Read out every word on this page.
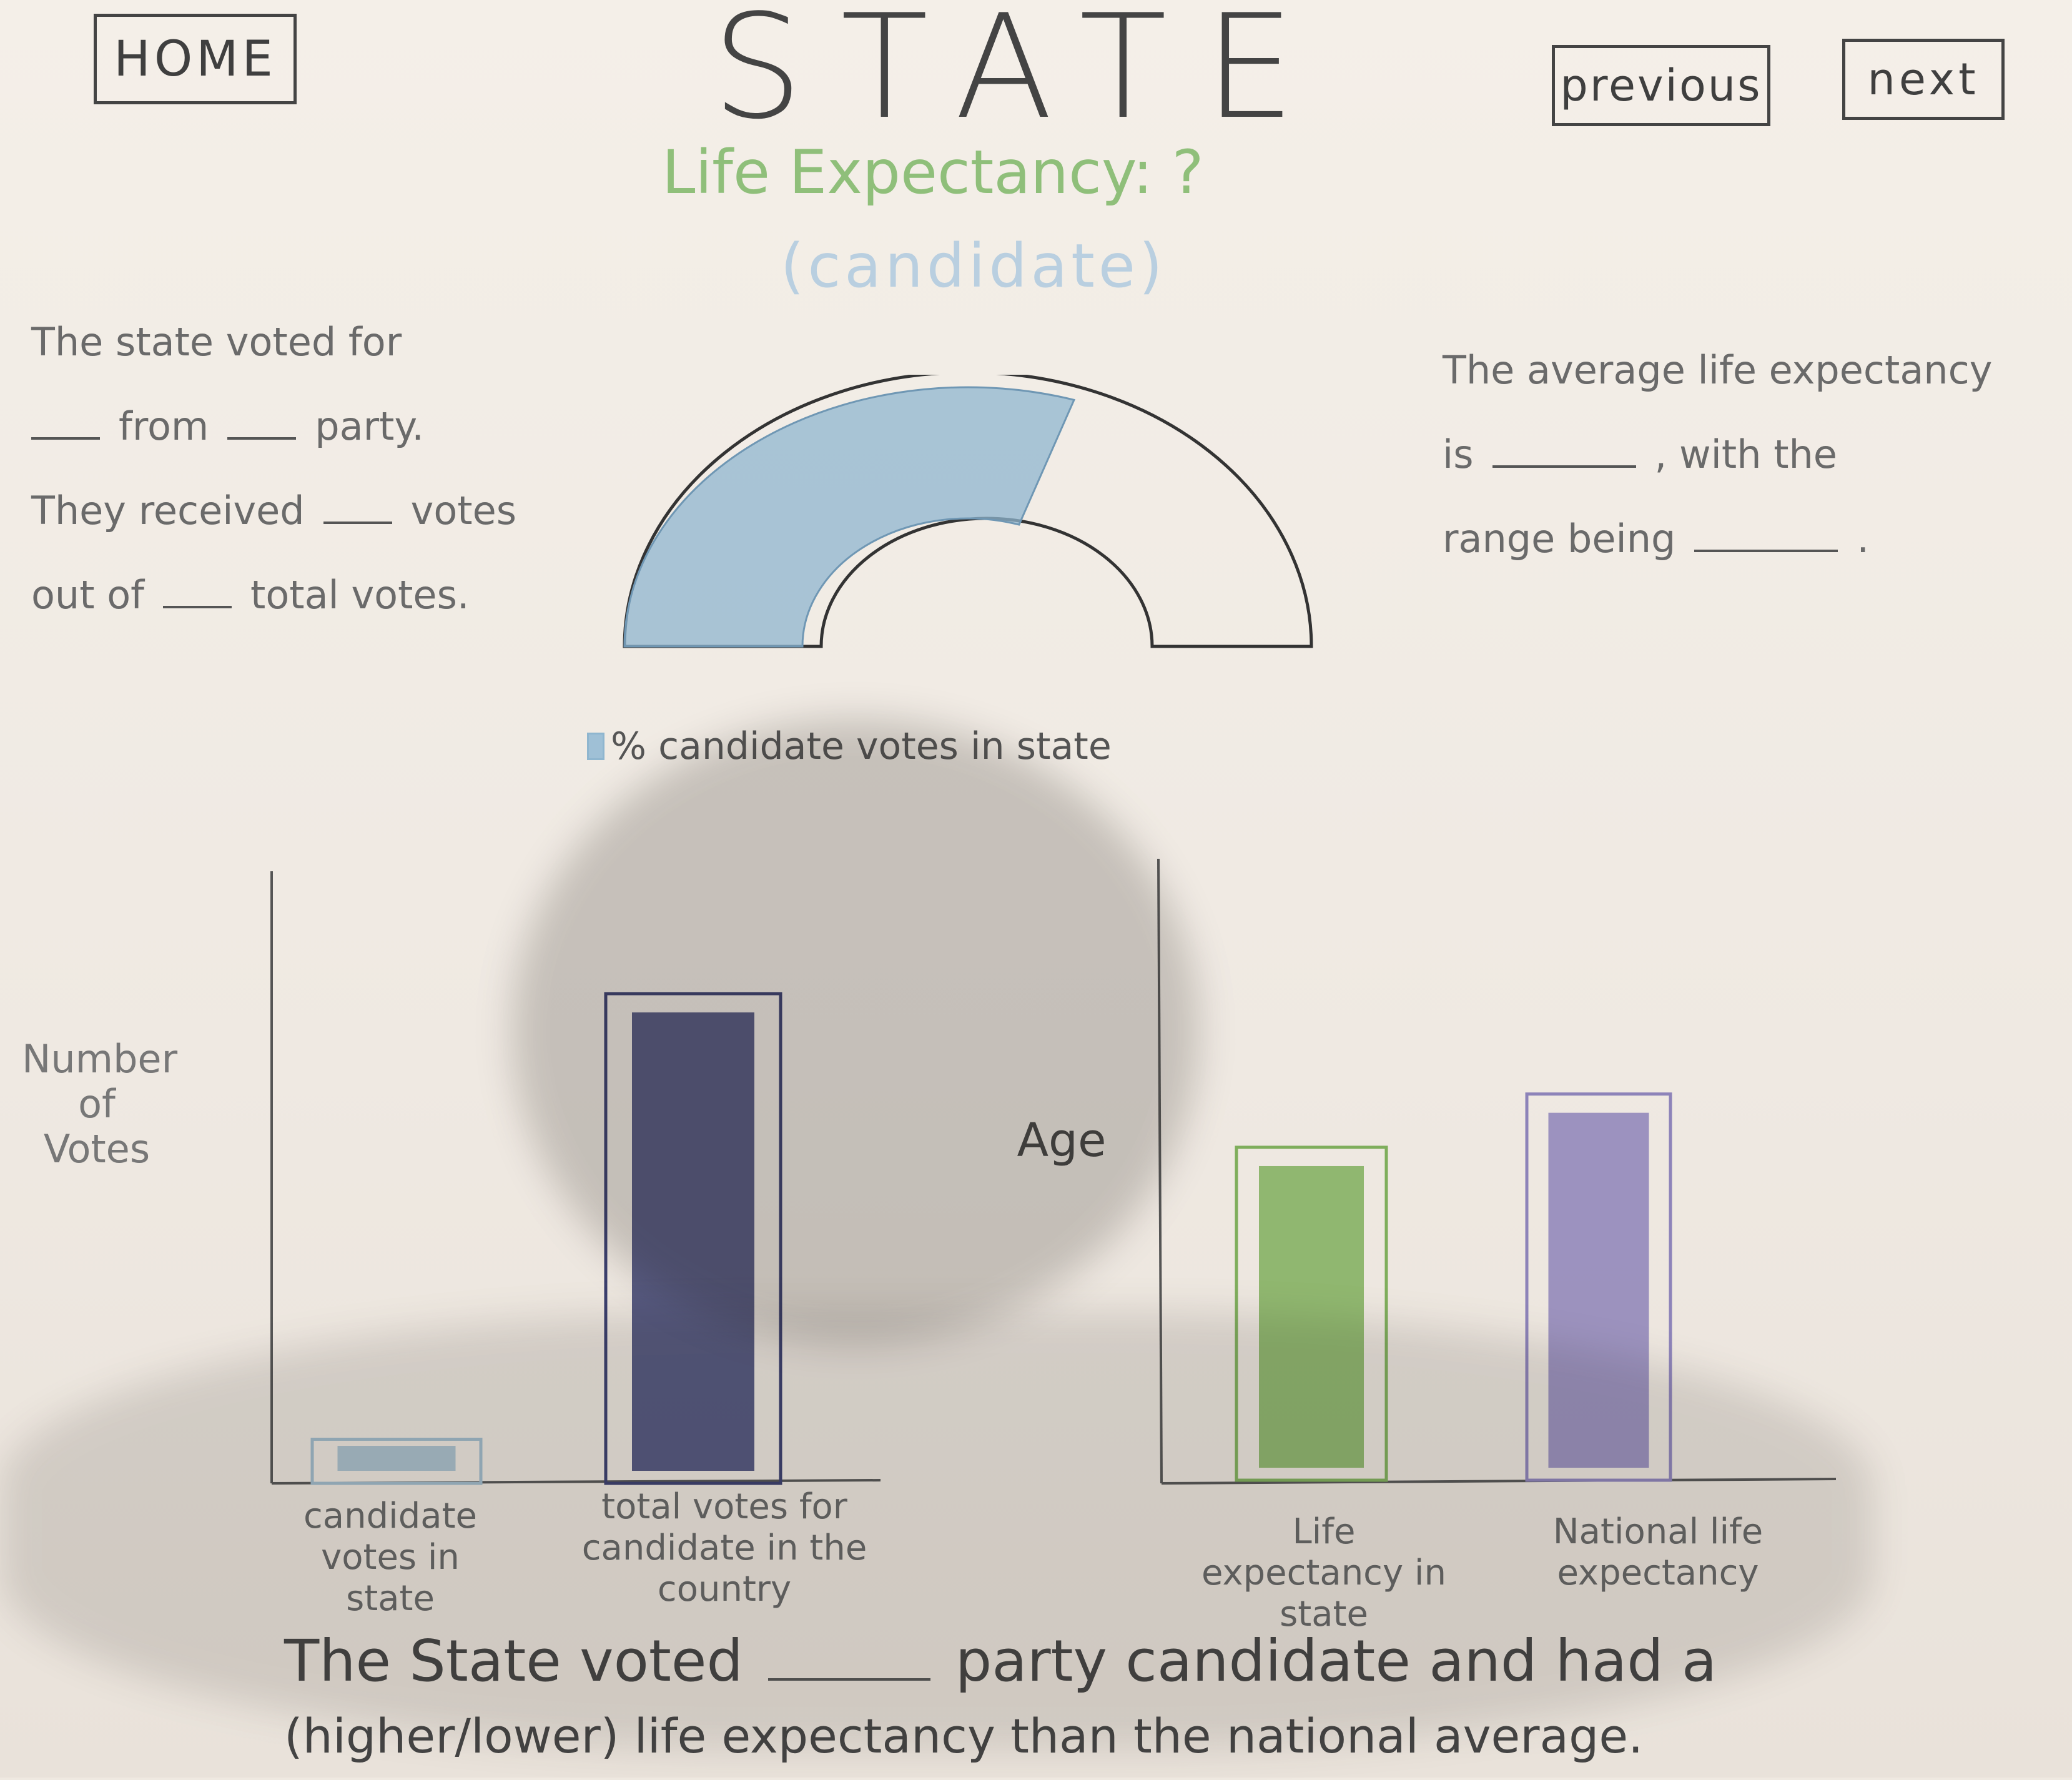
HOME	previous	next
STATE
Life Expectancy: ?
(candidate)
The state voted for
from	party.
They received	votes
out of	total votes.
The average life expectancy
is	, with the
range being	.
% candidate votes in state
Number of Votes
candidate votes in state
total votes for candidate in the country
Age
Life expectancy in state
National life expectancy
The State voted	party candidate and had a
(higher/lower) life expectancy than the national average.
